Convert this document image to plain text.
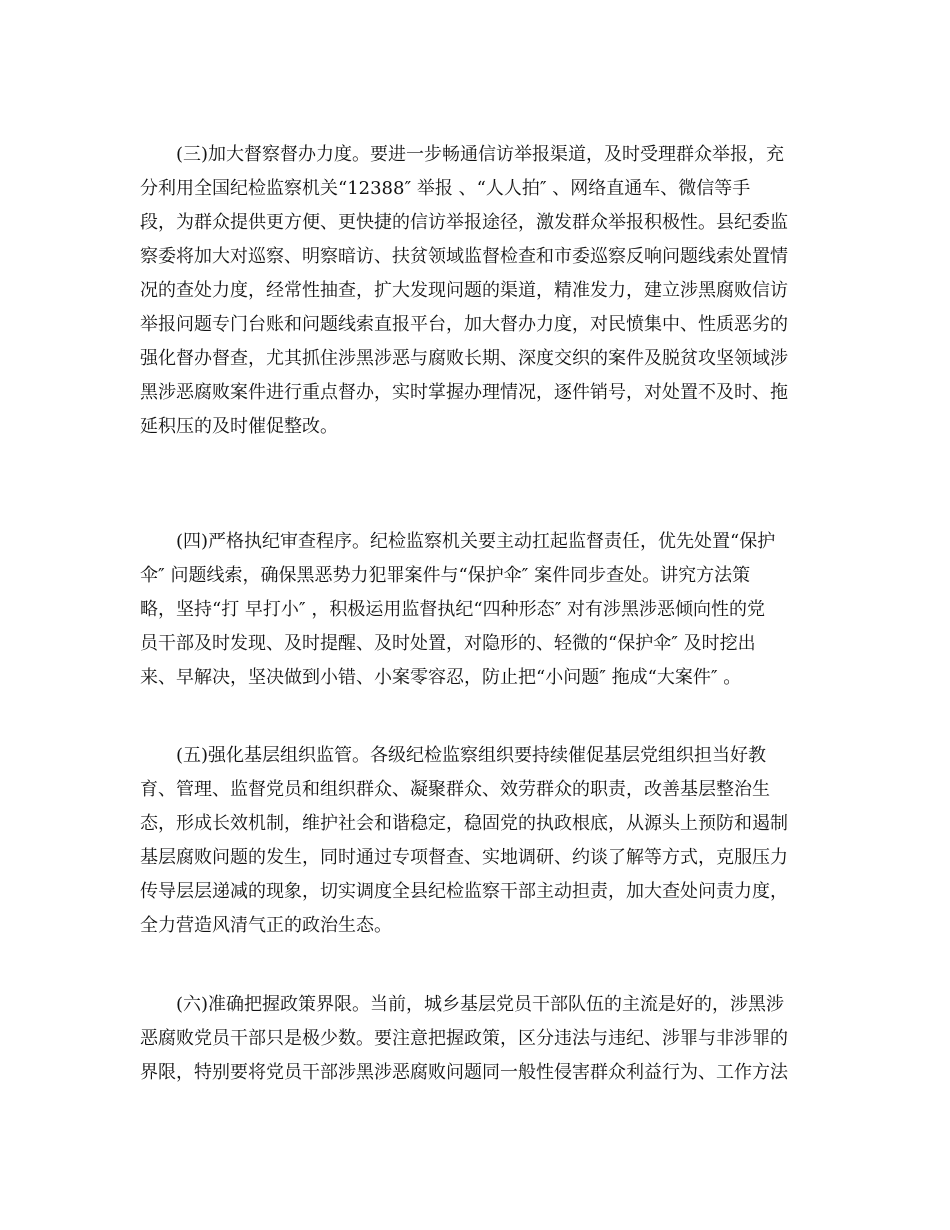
(三)加大督察督办力度。要进一步畅通信访举报渠道，及时受理群众举报，充
分利用全国纪检监察机关“12388″ 举报 、“人人拍″ 、网络直通车、微信等手
段，为群众提供更方便、更快捷的信访举报途径，激发群众举报积极性。县纪委监
察委将加大对巡察、明察暗访、扶贫领域监督检查和市委巡察反响问题线索处置情
况的查处力度，经常性抽查，扩大发现问题的渠道，精准发力，建立涉黑腐败信访
举报问题专门台账和问题线索直报平台，加大督办力度，对民愤集中、性质恶劣的
强化督办督查，尤其抓住涉黑涉恶与腐败长期、深度交织的案件及脱贫攻坚领域涉
黑涉恶腐败案件进行重点督办，实时掌握办理情况，逐件销号，对处置不及时、拖
延积压的及时催促整改。
(四)严格执纪审查程序。纪检监察机关要主动扛起监督责任，优先处置“保护
伞″ 问题线索，确保黑恶势力犯罪案件与“保护伞″ 案件同步查处。讲究方法策
略，坚持“打 早打小″ ，积极运用监督执纪“四种形态″ 对有涉黑涉恶倾向性的党
员干部及时发现、及时提醒、及时处置，对隐形的、轻微的“保护伞″ 及时挖出
来、早解决，坚决做到小错、小案零容忍，防止把“小问题″ 拖成“大案件″ 。
(五)强化基层组织监管。各级纪检监察组织要持续催促基层党组织担当好教
育、管理、监督党员和组织群众、凝聚群众、效劳群众的职责，改善基层整治生
态，形成长效机制，维护社会和谐稳定，稳固党的执政根底，从源头上预防和遏制
基层腐败问题的发生，同时通过专项督查、实地调研、约谈了解等方式，克服压力
传导层层递减的现象，切实调度全县纪检监察干部主动担责，加大查处问责力度，
全力营造风清气正的政治生态。
(六)准确把握政策界限。当前，城乡基层党员干部队伍的主流是好的，涉黑涉
恶腐败党员干部只是极少数。要注意把握政策，区分违法与违纪、涉罪与非涉罪的
界限，特别要将党员干部涉黑涉恶腐败问题同一般性侵害群众利益行为、工作方法
